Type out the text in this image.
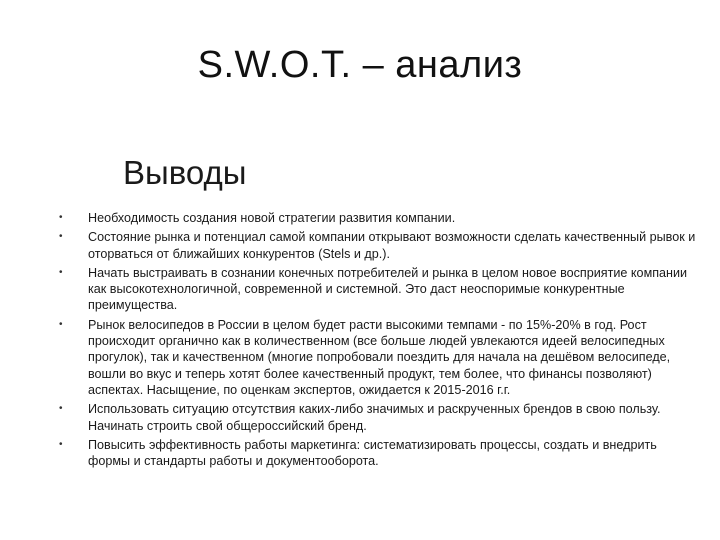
S.W.O.T. – анализ
Выводы
• Необходимость создания новой стратегии развития компании.
• Состояние рынка и потенциал самой компании открывают возможности сделать качественный рывок и оторваться от ближайших конкурентов (Stels и др.).
• Начать выстраивать в сознании конечных потребителей и рынка в целом новое восприятие компании как высокотехнологичной, современной и системной. Это даст неоспоримые конкурентные преимущества.
• Рынок велосипедов в России в целом будет расти высокими темпами - по 15%-20% в год. Рост происходит органично как в количественном (все больше людей увлекаются идеей велосипедных прогулок), так и качественном (многие попробовали поездить для начала на дешёвом велосипеде, вошли во вкус и теперь хотят более качественный продукт, тем более, что финансы позволяют) аспектах. Насыщение, по оценкам экспертов, ожидается к 2015-2016 г.г.
• Использовать ситуацию отсутствия каких-либо значимых и раскрученных брендов в свою пользу. Начинать строить свой общероссийский бренд.
• Повысить эффективность работы маркетинга: систематизировать процессы, создать и внедрить формы и стандарты работы и документооборота.
